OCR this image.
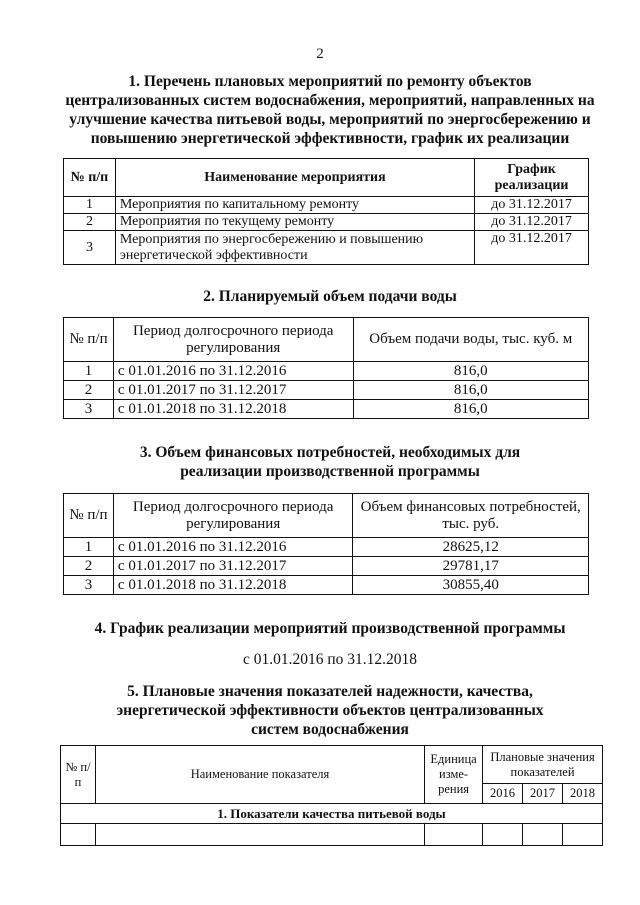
2
1. Перечень плановых мероприятий по ремонту объектов
централизованных систем водоснабжения, мероприятий, направленных на
улучшение качества питьевой воды, мероприятий по энергосбережению и
повышению энергетической эффективности, график их реализации
№ п/п	Наименование мероприятия	График реализации
1	Мероприятия по капитальному ремонту	до 31.12.2017
2	Мероприятия по текущему ремонту	до 31.12.2017
3	Мероприятия по энергосбережению и повышению энергетической эффективности	до 31.12.2017
2. Планируемый объем подачи воды
№ п/п	Период долгосрочного периода регулирования	Объем подачи воды, тыс. куб. м
1	с 01.01.2016 по 31.12.2016	816,0
2	с 01.01.2017 по 31.12.2017	816,0
3	с 01.01.2018 по 31.12.2018	816,0
3. Объем финансовых потребностей, необходимых для
реализации производственной программы
№ п/п	Период долгосрочного периода регулирования	Объем финансовых потребностей, тыс. руб.
1	с 01.01.2016 по 31.12.2016	28625,12
2	с 01.01.2017 по 31.12.2017	29781,17
3	с 01.01.2018 по 31.12.2018	30855,40
4. График реализации мероприятий производственной программы
с 01.01.2016 по 31.12.2018
5. Плановые значения показателей надежности, качества,
энергетической эффективности объектов централизованных
систем водоснабжения
№ п/п	Наименование показателя	Единица изме-рения	Плановые значения показателей		
			2016	2017	2018
1. Показатели качества питьевой воды					
